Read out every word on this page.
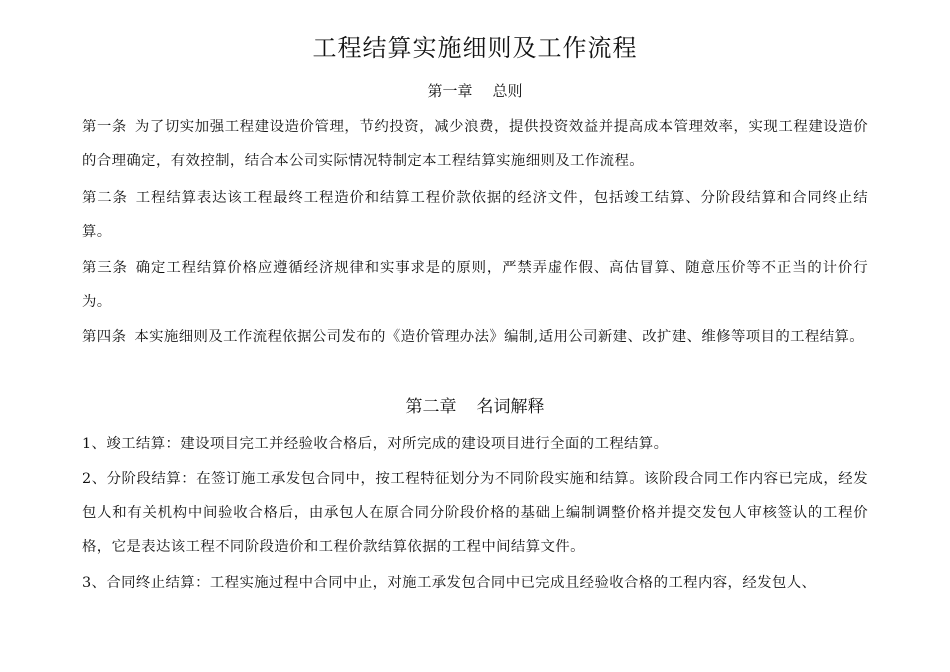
工程结算实施细则及工作流程
第一章 总则

第一条 为了切实加强工程建设造价管理，节约投资，减少浪费，提供投资效益并提高成本管理效率，实现工程建设造价的合理确定，有效控制，结合本公司实际情况特制定本工程结算实施细则及工作流程。

第二条 工程结算表达该工程最终工程造价和结算工程价款依据的经济文件，包括竣工结算、分阶段结算和合同终止结算。

第三条 确定工程结算价格应遵循经济规律和实事求是的原则，严禁弄虚作假、高估冒算、随意压价等不正当的计价行为。

第四条 本实施细则及工作流程依据公司发布的《造价管理办法》编制,适用公司新建、改扩建、维修等项目的工程结算。

第二章 名词解释

1、竣工结算：建设项目完工并经验收合格后，对所完成的建设项目进行全面的工程结算。

2、分阶段结算：在签订施工承发包合同中，按工程特征划分为不同阶段实施和结算。该阶段合同工作内容已完成，经发包人和有关机构中间验收合格后，由承包人在原合同分阶段价格的基础上编制调整价格并提交发包人审核签认的工程价格，它是表达该工程不同阶段造价和工程价款结算依据的工程中间结算文件。

3、合同终止结算：工程实施过程中合同中止，对施工承发包合同中已完成且经验收合格的工程内容，经发包人、
